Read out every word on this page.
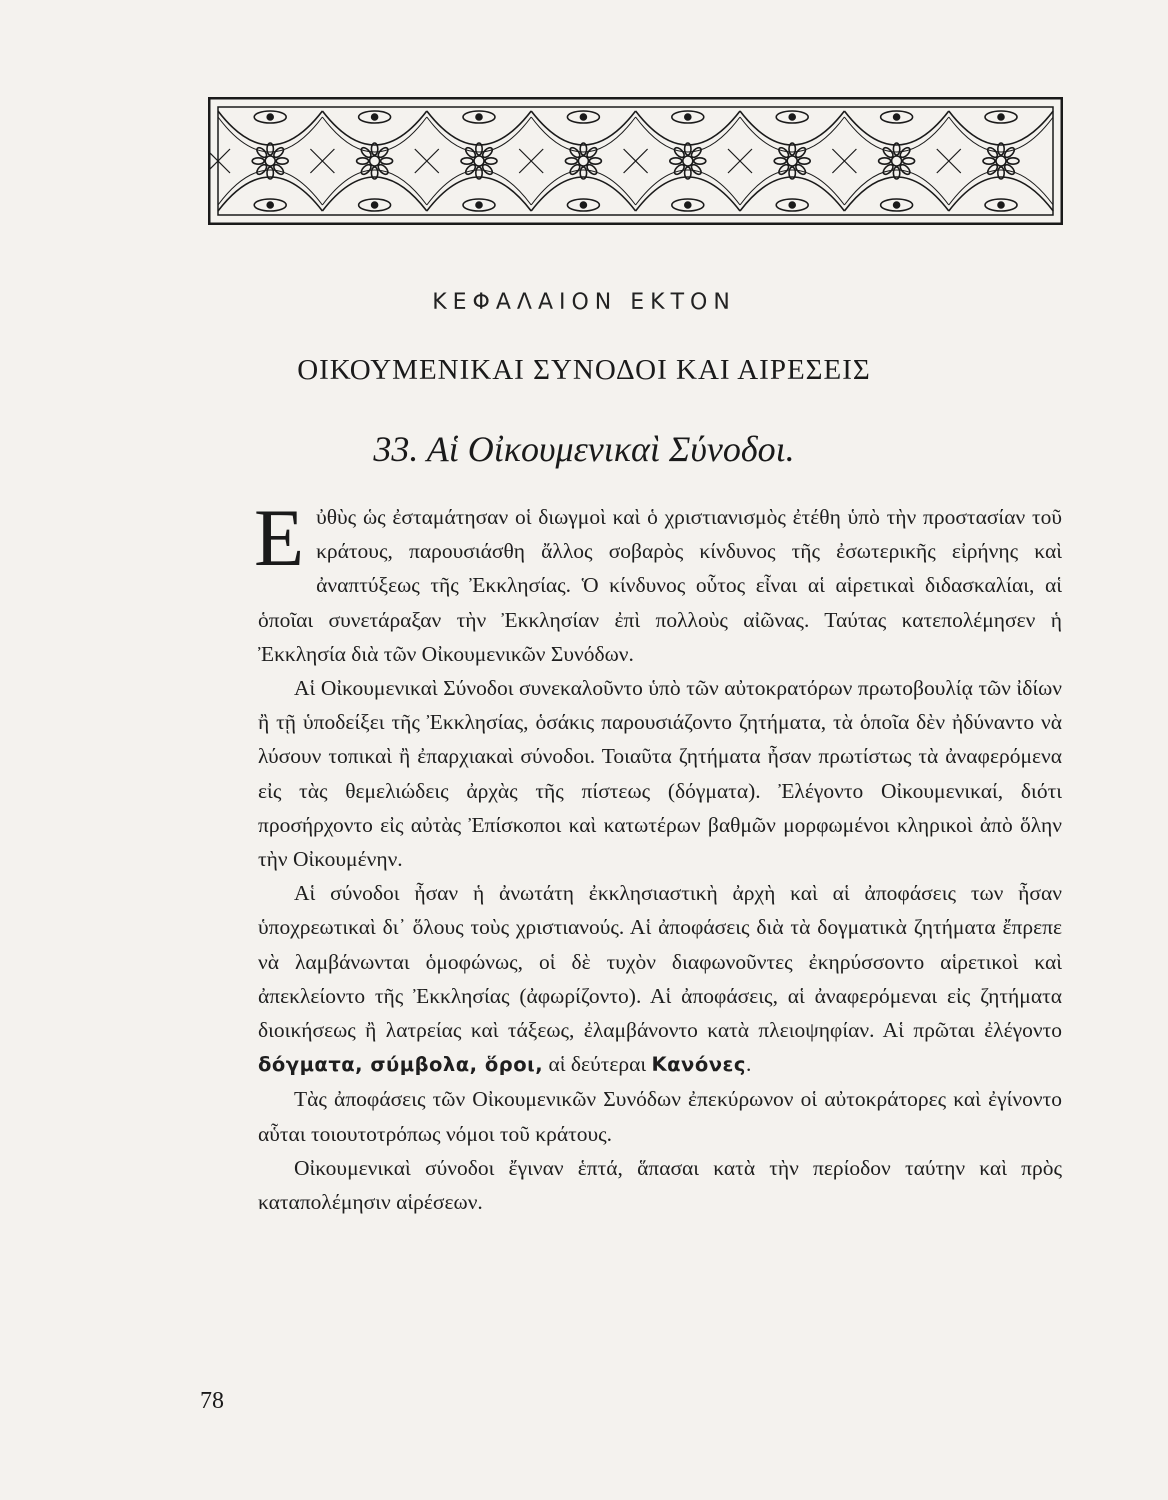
ΚΕΦΑΛΑΙΟΝ ΕΚΤΟΝ
ΟΙΚΟΥΜΕΝΙΚΑΙ ΣΥΝΟΔΟΙ ΚΑΙ ΑΙΡΕΣΕΙΣ
33. Αἱ Οἰκουμενικαὶ Σύνοδοι.

Εὐθὺς ὡς ἐσταμάτησαν οἱ διωγμοὶ καὶ ὁ χριστιανισμὸς ἐτέθη ὑπὸ τὴν προστασίαν τοῦ κράτους, παρουσιάσθη ἄλλος σοβαρὸς κίνδυνος τῆς ἐσωτερικῆς εἰρήνης καὶ ἀναπτύξεως τῆς Ἐκκλησίας. Ὁ κίνδυνος οὗτος εἶναι αἱ αἱρετικαὶ διδασκαλίαι, αἱ ὁποῖαι συνετάραξαν τὴν Ἐκκλησίαν ἐπὶ πολλοὺς αἰῶνας. Ταύτας κατεπολέμησεν ἡ Ἐκκλησία διὰ τῶν Οἰκουμενικῶν Συνόδων.

Αἱ Οἰκουμενικαὶ Σύνοδοι συνεκαλοῦντο ὑπὸ τῶν αὐτοκρατόρων πρωτοβουλίᾳ τῶν ἰδίων ἢ τῇ ὑποδείξει τῆς Ἐκκλησίας, ὁσάκις παρουσιάζοντο ζητήματα, τὰ ὁποῖα δὲν ἠδύναντο νὰ λύσουν τοπικαὶ ἢ ἐπαρχιακαὶ σύνοδοι. Τοιαῦτα ζητήματα ἦσαν πρωτίστως τὰ ἀναφερόμενα εἰς τὰς θεμελιώδεις ἀρχὰς τῆς πίστεως (δόγματα). Ἐλέγοντο Οἰκουμενικαί, διότι προσήρχοντο εἰς αὐτὰς Ἐπίσκοποι καὶ κατωτέρων βαθμῶν μορφωμένοι κληρικοὶ ἀπὸ ὅλην τὴν Οἰκουμένην.

Αἱ σύνοδοι ἦσαν ἡ ἀνωτάτη ἐκκλησιαστικὴ ἀρχὴ καὶ αἱ ἀποφάσεις των ἦσαν ὑποχρεωτικαὶ δι᾽ ὅλους τοὺς χριστιανούς. Αἱ ἀποφάσεις διὰ τὰ δογματικὰ ζητήματα ἔπρεπε νὰ λαμβάνωνται ὁμοφώνως, οἱ δὲ τυχὸν διαφωνοῦντες ἐκηρύσσοντο αἱρετικοὶ καὶ ἀπεκλείοντο τῆς Ἐκκλησίας (ἀφωρίζοντο). Αἱ ἀποφάσεις, αἱ ἀναφερόμεναι εἰς ζητήματα διοικήσεως ἢ λατρείας καὶ τάξεως, ἐλαμβάνοντο κατὰ πλειοψηφίαν. Αἱ πρῶται ἐλέγοντο δόγματα, σύμβολα, ὅροι, αἱ δεύτεραι Κανόνες.

Τὰς ἀποφάσεις τῶν Οἰκουμενικῶν Συνόδων ἐπεκύρωνον οἱ αὐτοκράτορες καὶ ἐγίνοντο αὗται τοιουτοτρόπως νόμοι τοῦ κράτους.

Οἰκουμενικαὶ σύνοδοι ἔγιναν ἑπτά, ἅπασαι κατὰ τὴν περίοδον ταύτην καὶ πρὸς καταπολέμησιν αἱρέσεων.

78
